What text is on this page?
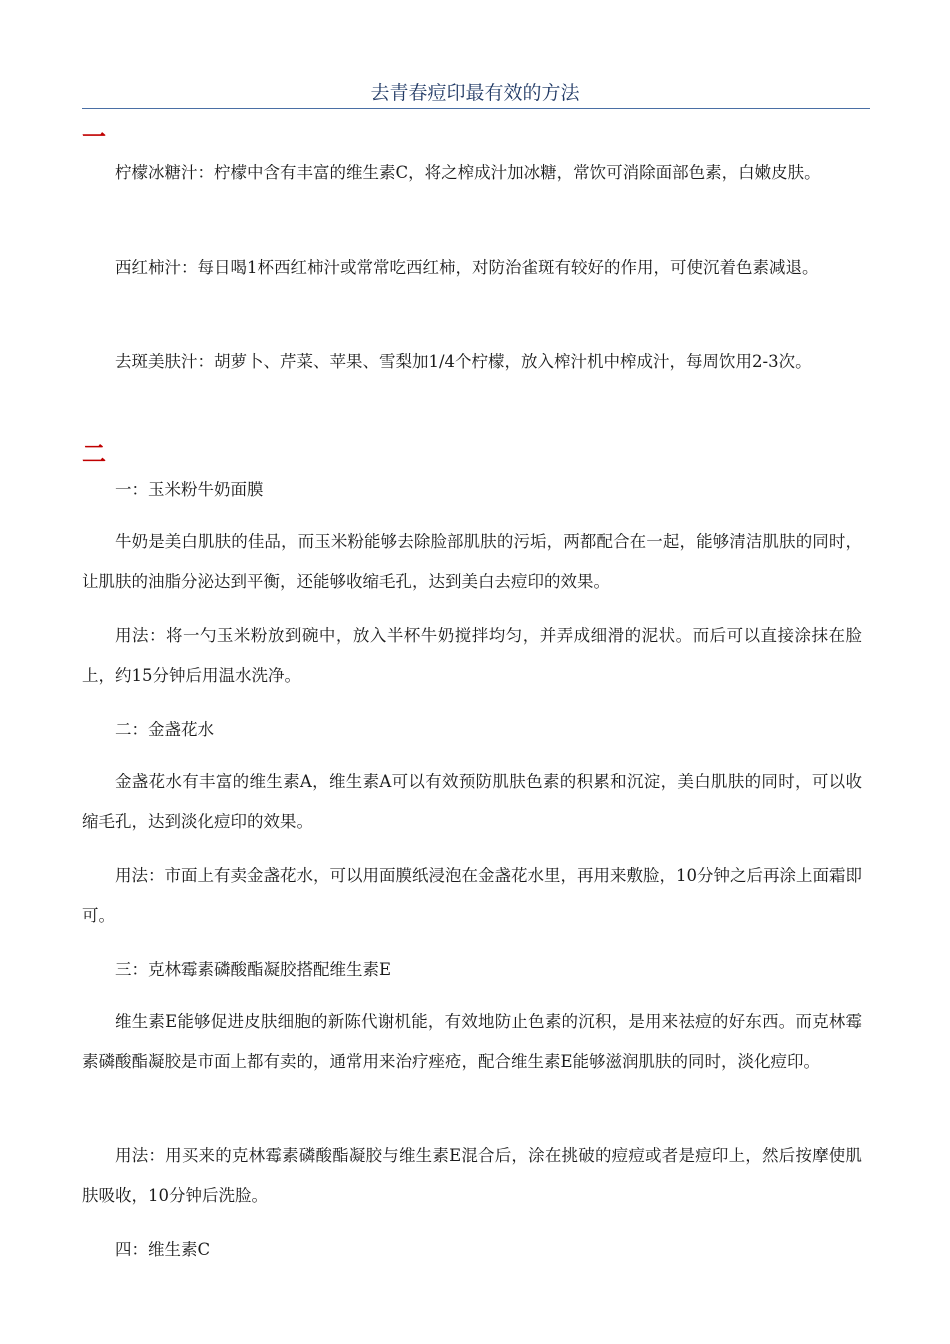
去青春痘印最有效的方法
一

柠檬冰糖汁：柠檬中含有丰富的维生素C，将之榨成汁加冰糖，常饮可消除面部色素，白嫩皮肤。

西红柿汁：每日喝1杯西红柿汁或常常吃西红柿，对防治雀斑有较好的作用，可使沉着色素减退。

去斑美肤汁：胡萝卜、芹菜、苹果、雪梨加1/4个柠檬，放入榨汁机中榨成汁，每周饮用2-3次。

二

一：玉米粉牛奶面膜

牛奶是美白肌肤的佳品，而玉米粉能够去除脸部肌肤的污垢，两都配合在一起，能够清洁肌肤的同时，让肌肤的油脂分泌达到平衡，还能够收缩毛孔，达到美白去痘印的效果。

用法：将一勺玉米粉放到碗中，放入半杯牛奶搅拌均匀，并弄成细滑的泥状。而后可以直接涂抹在脸上，约15分钟后用温水洗净。

二：金盏花水

金盏花水有丰富的维生素A，维生素A可以有效预防肌肤色素的积累和沉淀，美白肌肤的同时，可以收缩毛孔，达到淡化痘印的效果。

用法：市面上有卖金盏花水，可以用面膜纸浸泡在金盏花水里，再用来敷脸，10分钟之后再涂上面霜即可。

三：克林霉素磷酸酯凝胶搭配维生素E

维生素E能够促进皮肤细胞的新陈代谢机能，有效地防止色素的沉积，是用来祛痘的好东西。而克林霉素磷酸酯凝胶是市面上都有卖的，通常用来治疗痤疮，配合维生素E能够滋润肌肤的同时，淡化痘印。

用法：用买来的克林霉素磷酸酯凝胶与维生素E混合后，涂在挑破的痘痘或者是痘印上，然后按摩使肌肤吸收，10分钟后洗脸。

四：维生素C
